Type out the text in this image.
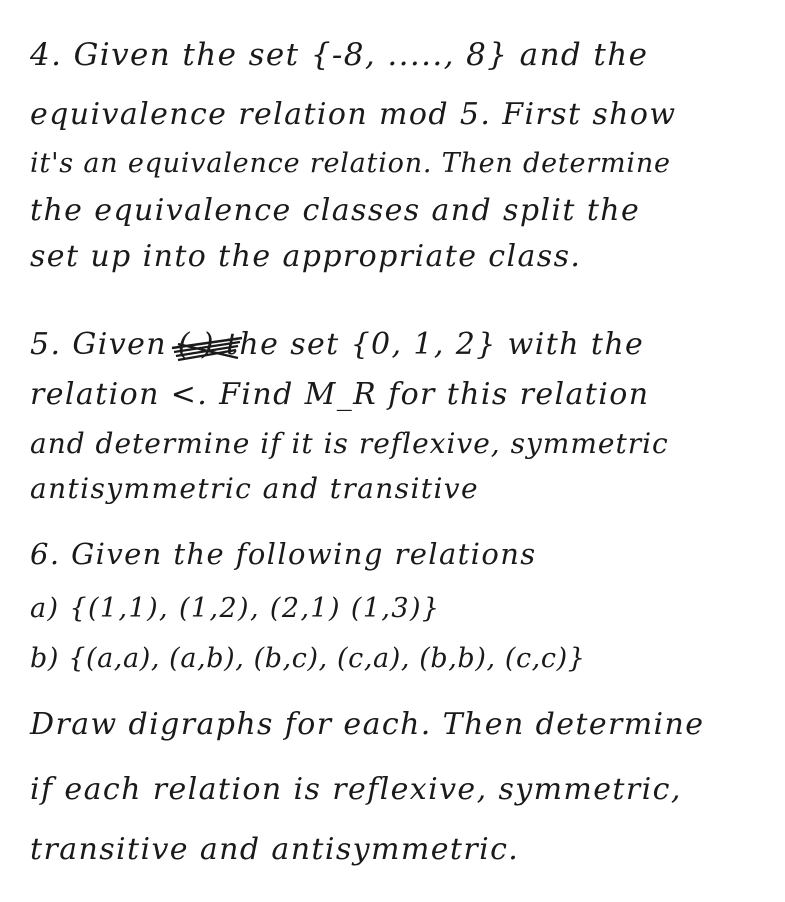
4. Given the set {-8, ....., 8} and the
equivalence relation mod 5. First show
it's an equivalence relation. Then determine
the equivalence classes and split the
set up into the appropriate class.
5. Given ( ) the set {0, 1, 2} with the
relation <. Find M_R for this relation
and determine if it is reflexive, symmetric
antisymmetric and transitive
6. Given the following relations
a) {(1,1), (1,2), (2,1) (1,3)}
b) {(a,a), (a,b), (b,c), (c,a), (b,b), (c,c)}
Draw digraphs for each. Then determine
if each relation is reflexive, symmetric,
transitive and antisymmetric.
